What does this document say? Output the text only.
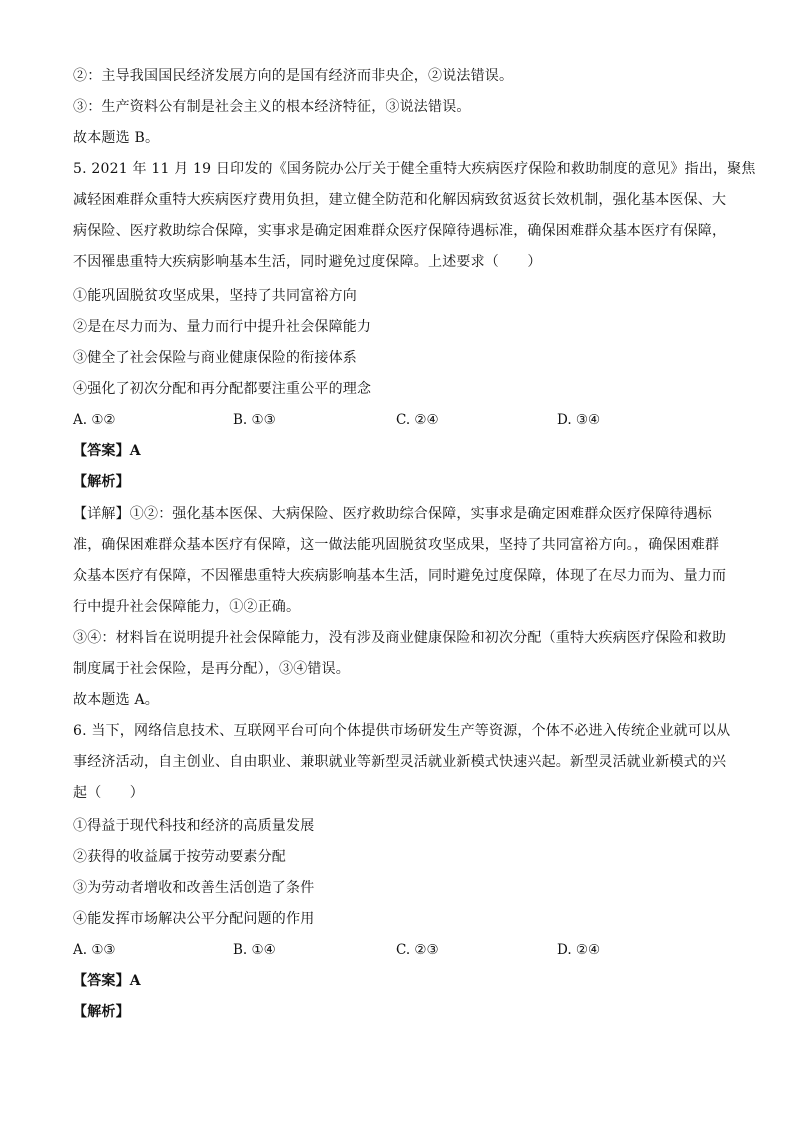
②：主导我国国民经济发展方向的是国有经济而非央企，②说法错误。
③：生产资料公有制是社会主义的根本经济特征，③说法错误。
故本题选 B。
5. 2021 年 11 月 19 日印发的《国务院办公厅关于健全重特大疾病医疗保险和救助制度的意见》指出，聚焦
减轻困难群众重特大疾病医疗费用负担，建立健全防范和化解因病致贫返贫长效机制，强化基本医保、大
病保险、医疗救助综合保障，实事求是确定困难群众医疗保障待遇标准，确保困难群众基本医疗有保障，
不因罹患重特大疾病影响基本生活，同时避免过度保障。上述要求（　　）
①能巩固脱贫攻坚成果，坚持了共同富裕方向
②是在尽力而为、量力而行中提升社会保障能力
③健全了社会保险与商业健康保险的衔接体系
④强化了初次分配和再分配都要注重公平的理念
A. ①②	B. ①③	C. ②④	D. ③④
【答案】A
【解析】
【详解】①②：强化基本医保、大病保险、医疗救助综合保障，实事求是确定困难群众医疗保障待遇标
准，确保困难群众基本医疗有保障，这一做法能巩固脱贫攻坚成果，坚持了共同富裕方向。，确保困难群
众基本医疗有保障，不因罹患重特大疾病影响基本生活，同时避免过度保障，体现了在尽力而为、量力而
行中提升社会保障能力，①②正确。
③④：材料旨在说明提升社会保障能力，没有涉及商业健康保险和初次分配（重特大疾病医疗保险和救助
制度属于社会保险，是再分配），③④错误。
故本题选 A。
6. 当下，网络信息技术、互联网平台可向个体提供市场研发生产等资源，个体不必进入传统企业就可以从
事经济活动，自主创业、自由职业、兼职就业等新型灵活就业新模式快速兴起。新型灵活就业新模式的兴
起（　　）
①得益于现代科技和经济的高质量发展
②获得的收益属于按劳动要素分配
③为劳动者增收和改善生活创造了条件
④能发挥市场解决公平分配问题的作用
A. ①③	B. ①④	C. ②③	D. ②④
【答案】A
【解析】
